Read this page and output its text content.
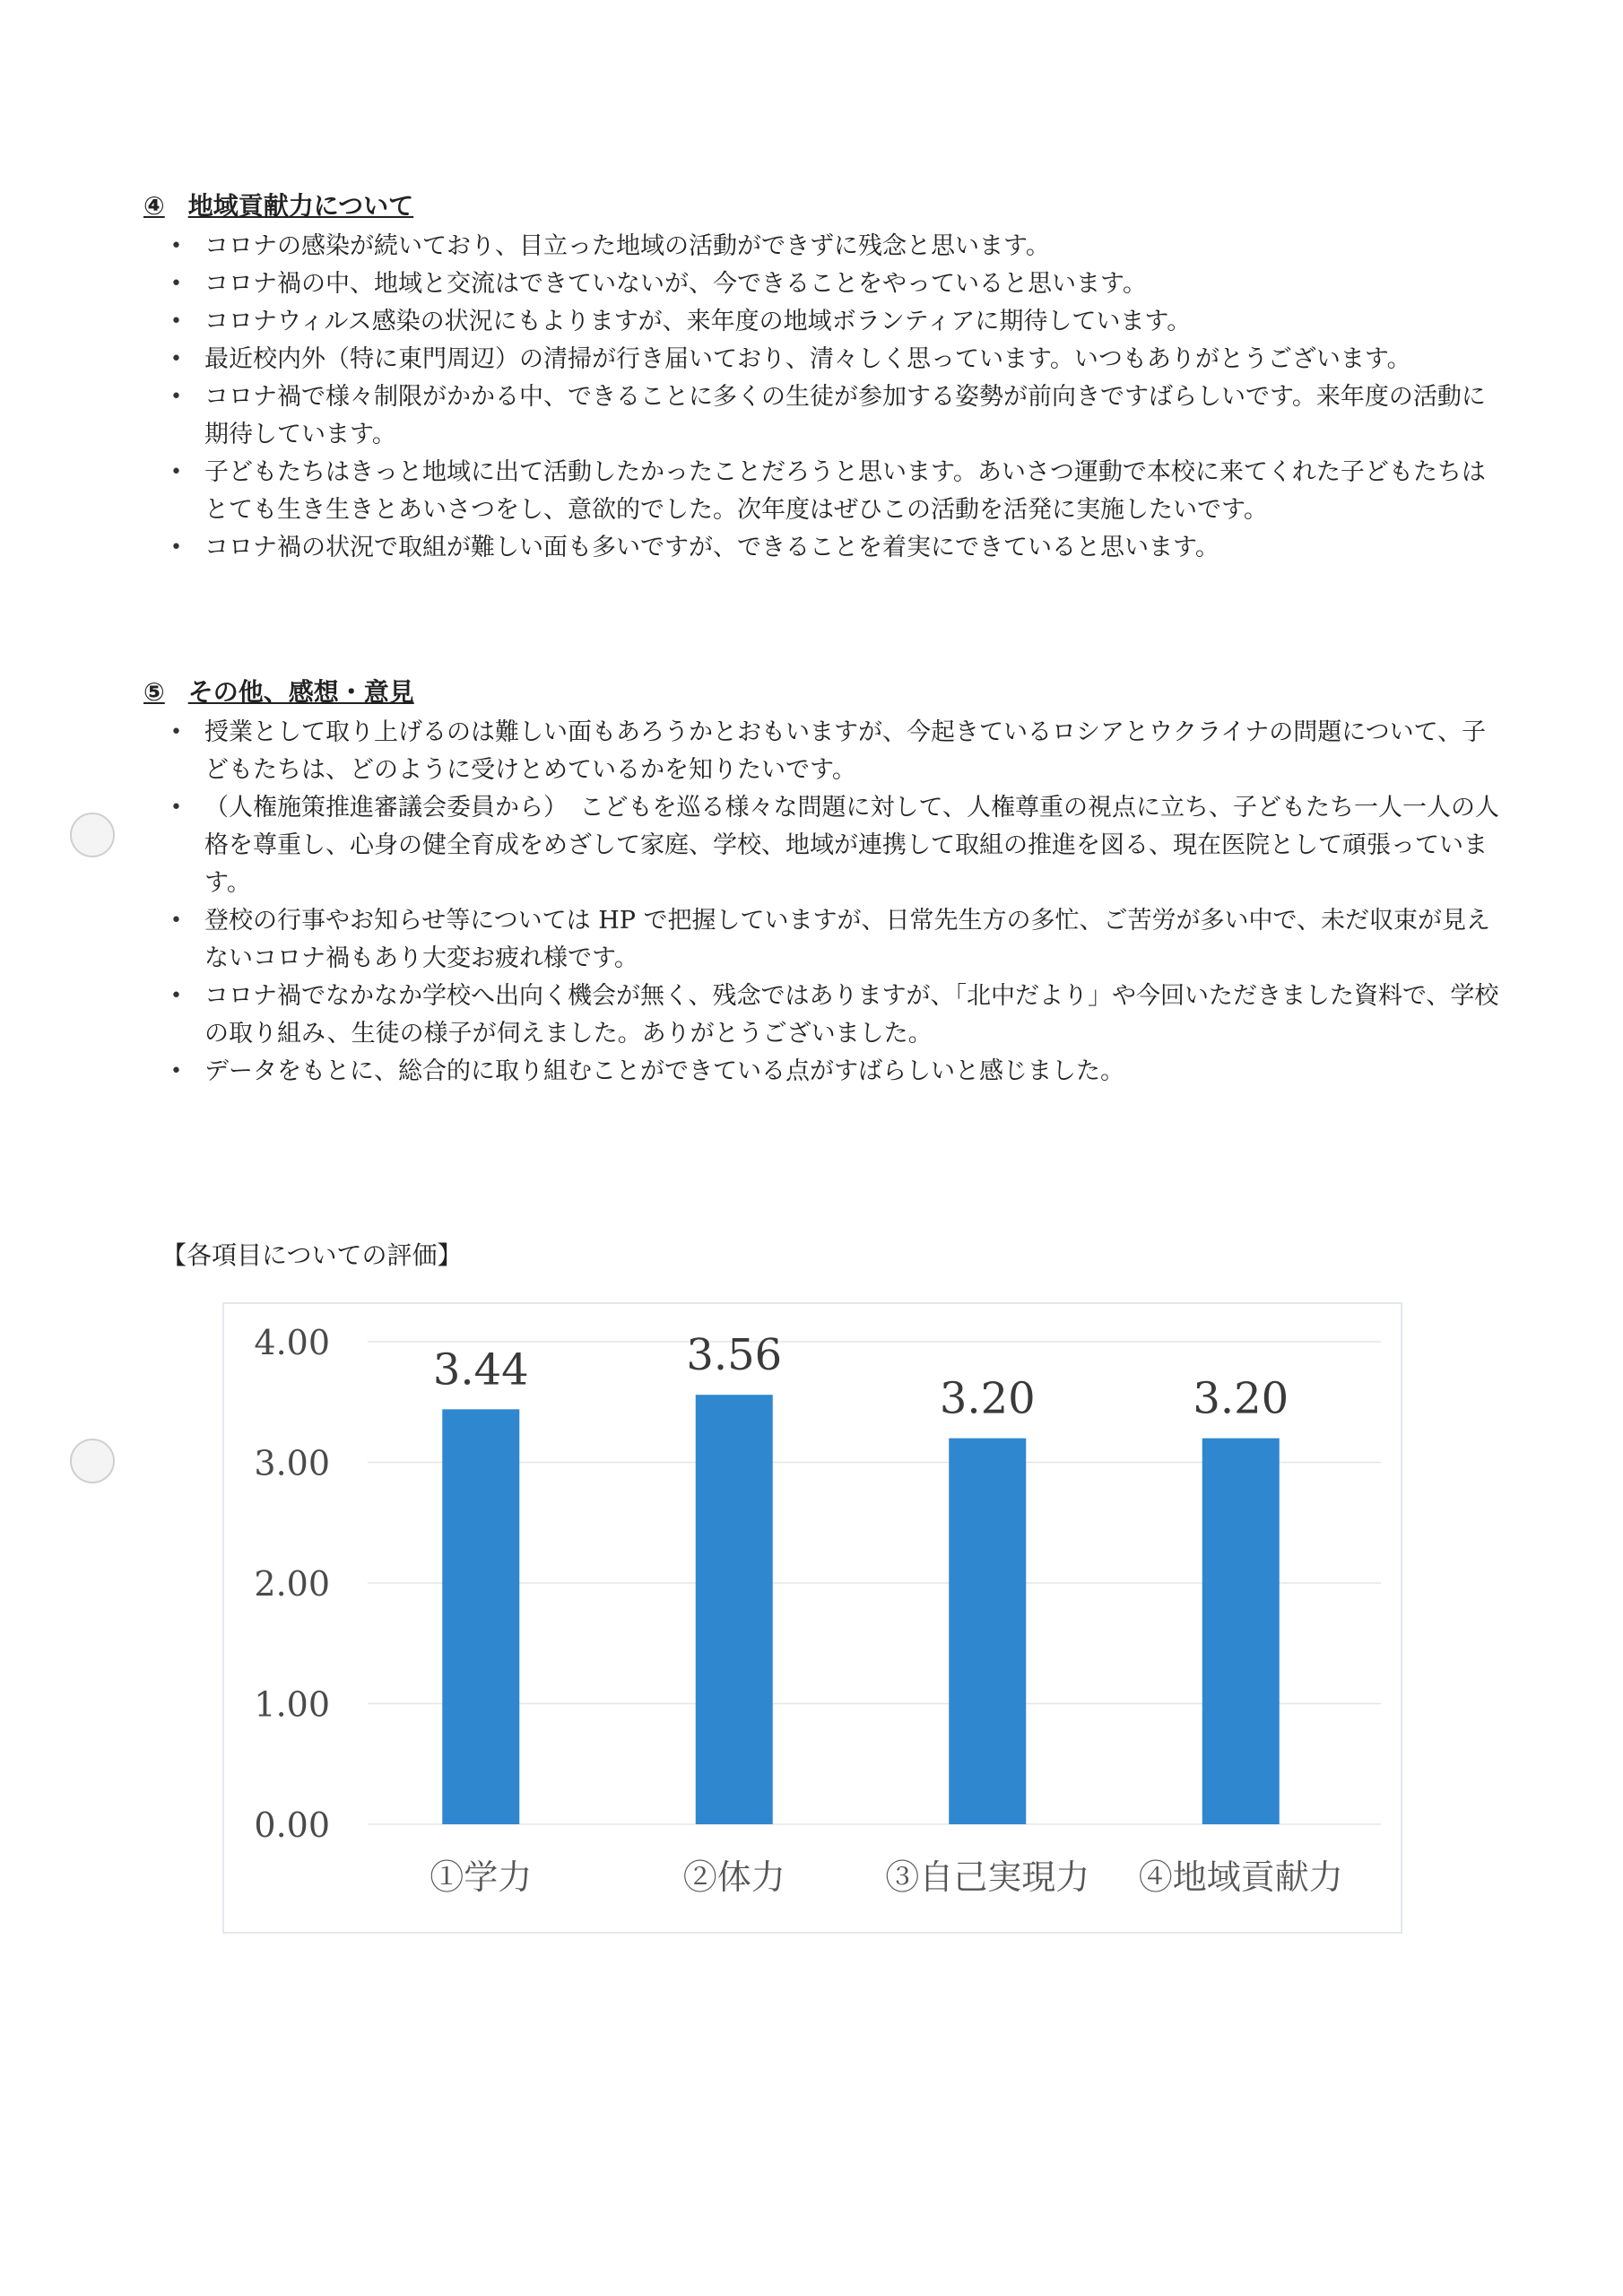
④ 地域貢献力について
• コロナの感染が続いており、目立った地域の活動ができずに残念と思います。
• コロナ禍の中、地域と交流はできていないが、今できることをやっていると思います。
• コロナウィルス感染の状況にもよりますが、来年度の地域ボランティアに期待しています。
• 最近校内外（特に東門周辺）の清掃が行き届いており、清々しく思っています。いつもありがとうございます。
• コロナ禍で様々制限がかかる中、できることに多くの生徒が参加する姿勢が前向きですばらしいです。来年度の活動に期待しています。
• 子どもたちはきっと地域に出て活動したかったことだろうと思います。あいさつ運動で本校に来てくれた子どもたちはとても生き生きとあいさつをし、意欲的でした。次年度はぜひこの活動を活発に実施したいです。
• コロナ禍の状況で取組が難しい面も多いですが、できることを着実にできていると思います。
⑤ その他、感想・意見
• 授業として取り上げるのは難しい面もあろうかとおもいますが、今起きているロシアとウクライナの問題について、子どもたちは、どのように受けとめているかを知りたいです。
• （人権施策推進審議会委員から）　こどもを巡る様々な問題に対して、人権尊重の視点に立ち、子どもたち一人一人の人格を尊重し、心身の健全育成をめざして家庭、学校、地域が連携して取組の推進を図る、現在医院として頑張っています。
• 登校の行事やお知らせ等については HP で把握していますが、日常先生方の多忙、ご苦労が多い中で、未だ収束が見えないコロナ禍もあり大変お疲れ様です。
• コロナ禍でなかなか学校へ出向く機会が無く、残念ではありますが、「北中だより」や今回いただきました資料で、学校の取り組み、生徒の様子が伺えました。ありがとうございました。
• データをもとに、総合的に取り組むことができている点がすばらしいと感じました。
【各項目についての評価】
0.00
1.00
2.00
3.00
4.00
3.44
①学力
3.56
②体力
3.20
③自己実現力
3.20
④地域貢献力
